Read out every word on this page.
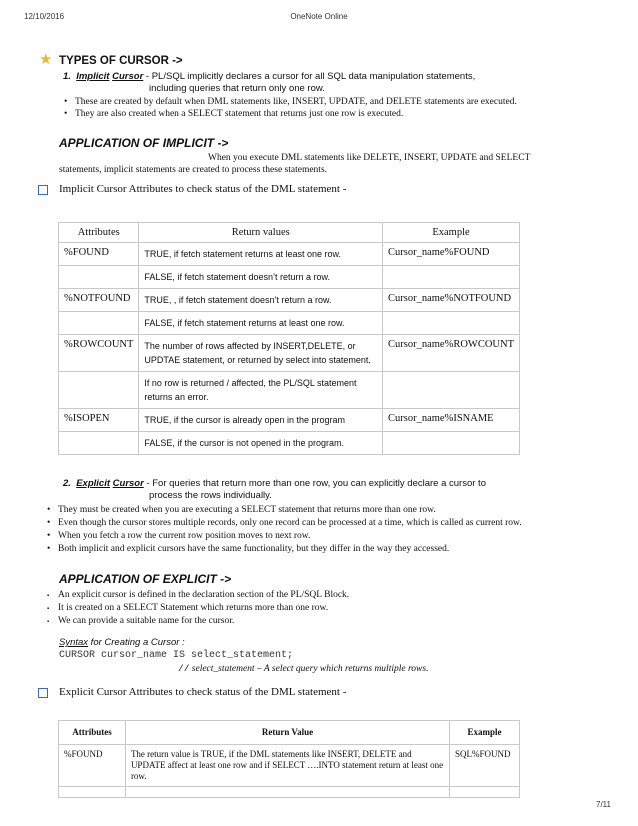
12/10/2016	OneNote Online
★ TYPES OF CURSOR ->
1. Implicit Cursor - PL/SQL implicitly declares a cursor for all SQL data manipulation statements,
including queries that return only one row.
• These are created by default when DML statements like, INSERT, UPDATE, and DELETE statements are executed.
• They are also created when a SELECT statement that returns just one row is executed.
APPLICATION OF IMPLICIT ->
When you execute DML statements like DELETE, INSERT, UPDATE and SELECT
statements, implicit statements are created to process these statements.
Implicit Cursor Attributes to check status of the DML statement -
Attributes	Return values	Example
%FOUND	TRUE, if fetch statement returns at least one row.	Cursor_name%FOUND
	FALSE, if fetch statement doesn’t return a row.	
%NOTFOUND	TRUE, , if fetch statement doesn’t return a row.	Cursor_name%NOTFOUND
	FALSE, if fetch statement returns at least one row.	
%ROWCOUNT	The number of rows affected by INSERT,DELETE, or UPDTAE statement, or returned by select into statement.	Cursor_name%ROWCOUNT
	If no row is returned / affected, the PL/SQL statement returns an error.	
%ISOPEN	TRUE, if the cursor is already open in the program	Cursor_name%ISNAME
	FALSE, if the cursor is not opened in the program.	
2. Explicit Cursor - For queries that return more than one row, you can explicitly declare a cursor to
process the rows individually.
• They must be created when you are executing a SELECT statement that returns more than one row.
• Even though the cursor stores multiple records, only one record can be processed at a time, which is called as current row.
• When you fetch a row the current row position moves to next row.
• Both implicit and explicit cursors have the same functionality, but they differ in the way they accessed.
APPLICATION OF EXPLICIT ->
▪ An explicit cursor is defined in the declaration section of the PL/SQL Block.
▪ It is created on a SELECT Statement which returns more than one row.
▪ We can provide a suitable name for the cursor.
Syntax for Creating a Cursor :
CURSOR cursor_name IS select_statement;
// select_statement – A select query which returns multiple rows.
Explicit Cursor Attributes to check status of the DML statement -
Attributes	Return Value	Example
%FOUND	The return value is TRUE, if the DML statements like INSERT, DELETE and UPDATE affect at least one row and if SELECT ….INTO statement return at least one row.	SQL%FOUND

7/11
